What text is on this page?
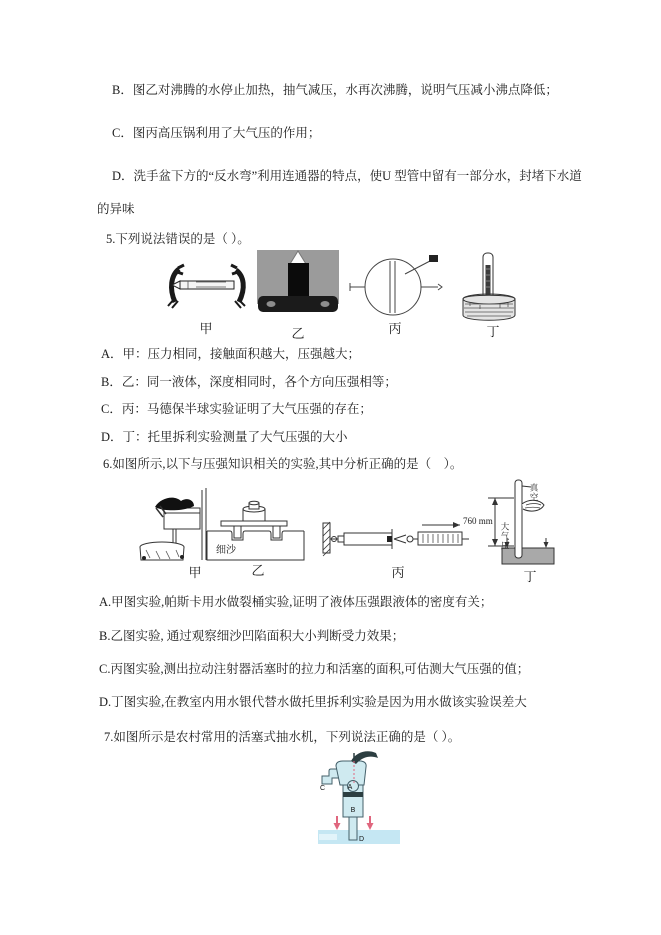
B．图乙对沸腾的水停止加热，抽气减压，水再次沸腾，说明气压减小沸点降低；
C．图丙高压锅利用了大气压的作用；
D．洗手盆下方的“反水弯”利用连通器的特点，使U 型管中留有一部分水，封堵下水道
的异味
5.下列说法错误的是（ ）。
甲	乙	丙	丁
A．甲：压力相同，接触面积越大，压强越大；
B．乙：同一液体，深度相同时，各个方向压强相等；
C．丙：马德保半球实验证明了大气压强的存在；
D．丁：托里拆利实验测量了大气压强的大小
6.如图所示,以下与压强知识相关的实验,其中分析正确的是（　）。
细沙
真空
760 mm
大气压
甲	乙	丙	丁
A.甲图实验,帕斯卡用水做裂桶实验,证明了液体压强跟液体的密度有关；
B.乙图实验, 通过观察细沙凹陷面积大小判断受力效果；
C.丙图实验,测出拉动注射器活塞时的拉力和活塞的面积,可估测大气压强的值；
D.丁图实验,在教室内用水银代替水做托里拆利实验是因为用水做该实验误差大
7.如图所示是农村常用的活塞式抽水机，下列说法正确的是（ ）。
A
B
C
D
